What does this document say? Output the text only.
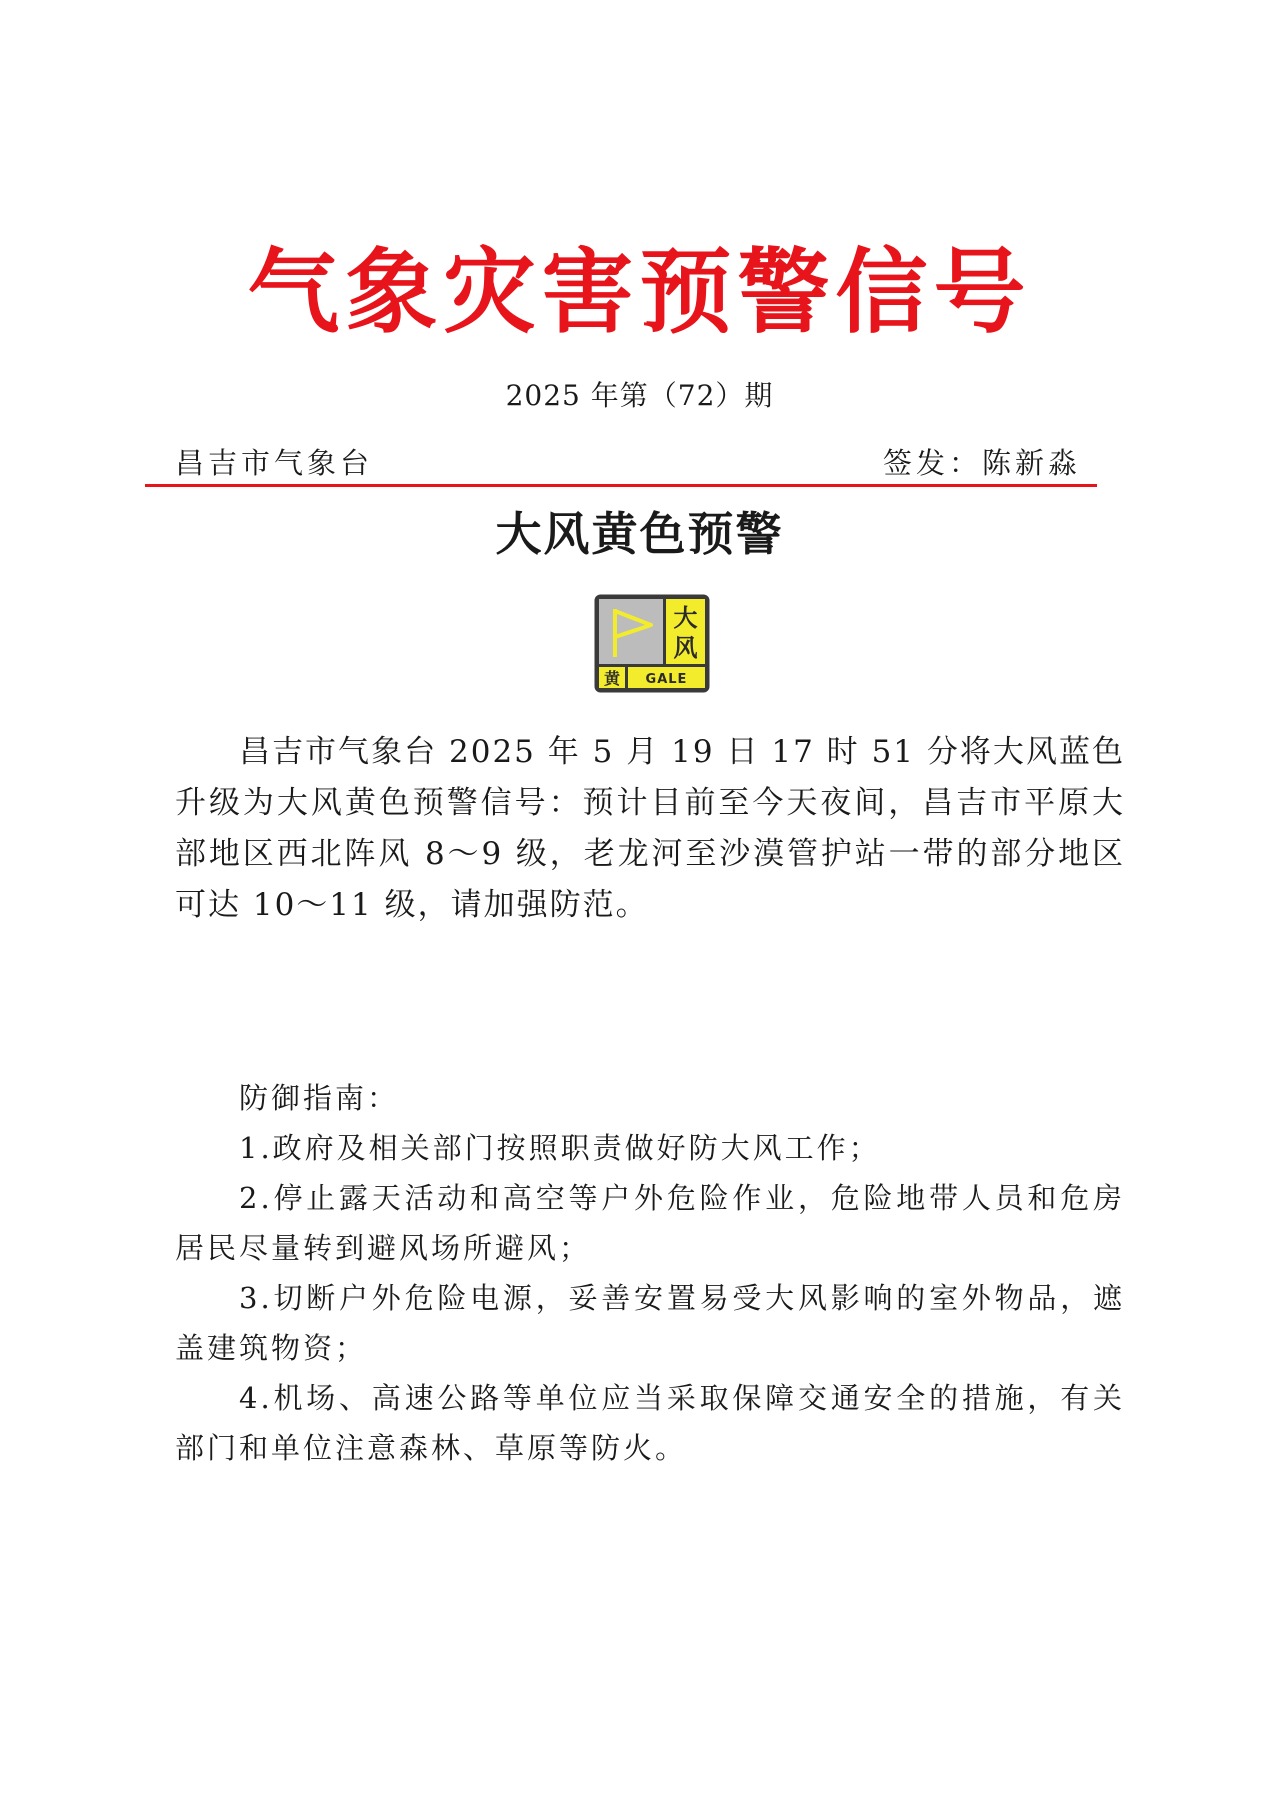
气象灾害预警信号
2025 年第（72）期
昌吉市气象台	签发：陈新淼
大风黄色预警
大
风
黄 GALE

昌吉市气象台 2025 年 5 月 19 日 17 时 51 分将大风蓝色升级为大风黄色预警信号：预计目前至今天夜间，昌吉市平原大部地区西北阵风 8～9 级，老龙河至沙漠管护站一带的部分地区可达 10～11 级，请加强防范。

防御指南：

1.政府及相关部门按照职责做好防大风工作；

2.停止露天活动和高空等户外危险作业，危险地带人员和危房居民尽量转到避风场所避风；

3.切断户外危险电源，妥善安置易受大风影响的室外物品，遮盖建筑物资；

4.机场、高速公路等单位应当采取保障交通安全的措施，有关部门和单位注意森林、草原等防火。
